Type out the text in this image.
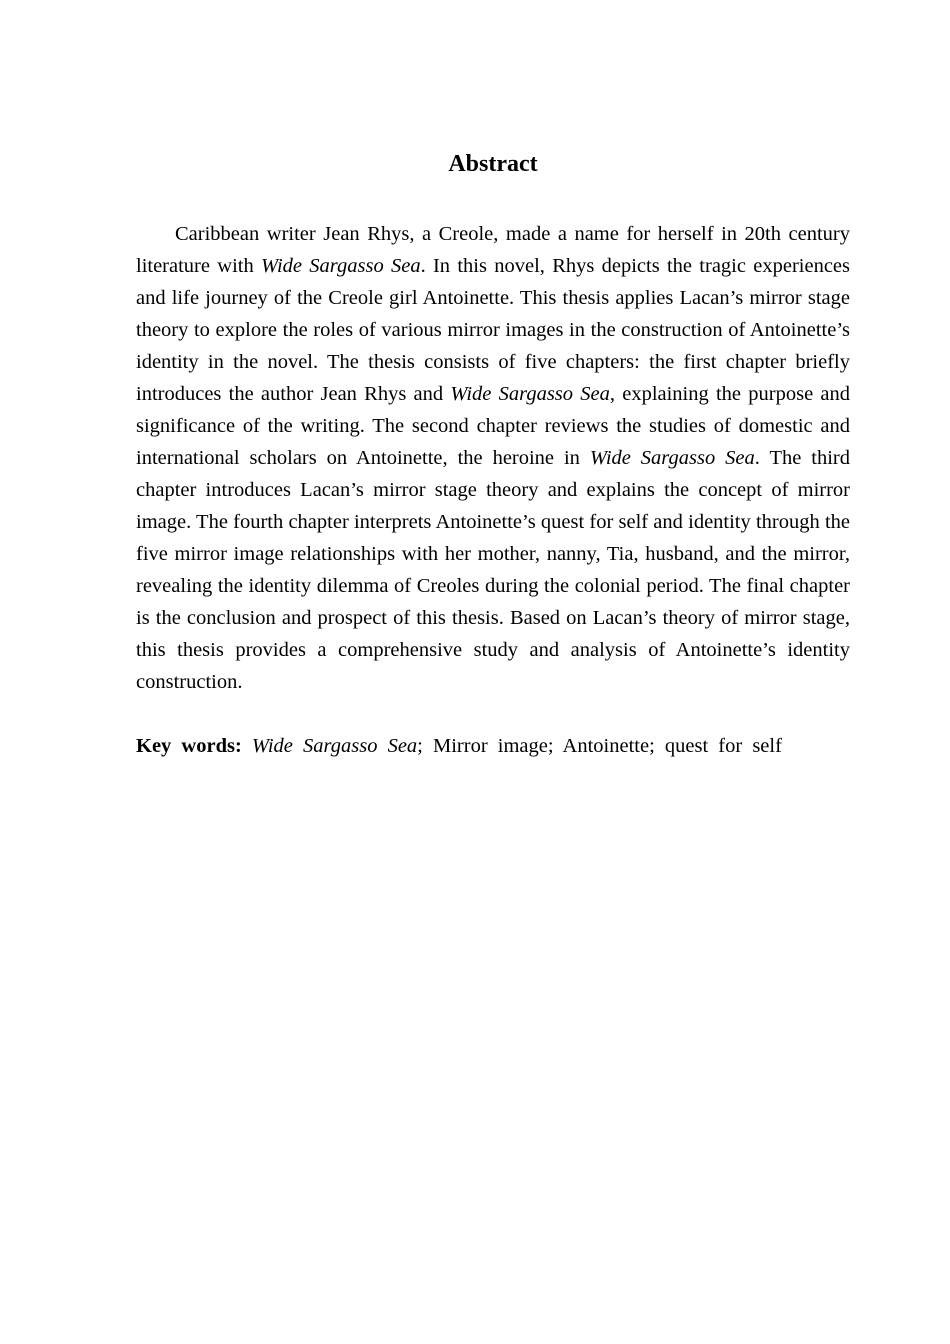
Abstract

Caribbean writer Jean Rhys, a Creole, made a name for herself in 20th century literature with Wide Sargasso Sea. In this novel, Rhys depicts the tragic experiences and life journey of the Creole girl Antoinette. This thesis applies Lacan’s mirror stage theory to explore the roles of various mirror images in the construction of Antoinette’s identity in the novel. The thesis consists of five chapters: the first chapter briefly introduces the author Jean Rhys and Wide Sargasso Sea, explaining the purpose and significance of the writing. The second chapter reviews the studies of domestic and international scholars on Antoinette, the heroine in Wide Sargasso Sea. The third chapter introduces Lacan’s mirror stage theory and explains the concept of mirror image. The fourth chapter interprets Antoinette’s quest for self and identity through the five mirror image relationships with her mother, nanny, Tia, husband, and the mirror, revealing the identity dilemma of Creoles during the colonial period. The final chapter is the conclusion and prospect of this thesis. Based on Lacan’s theory of mirror stage, this thesis provides a comprehensive study and analysis of Antoinette’s identity construction.

Key words: Wide Sargasso Sea; Mirror image; Antoinette; quest for self
